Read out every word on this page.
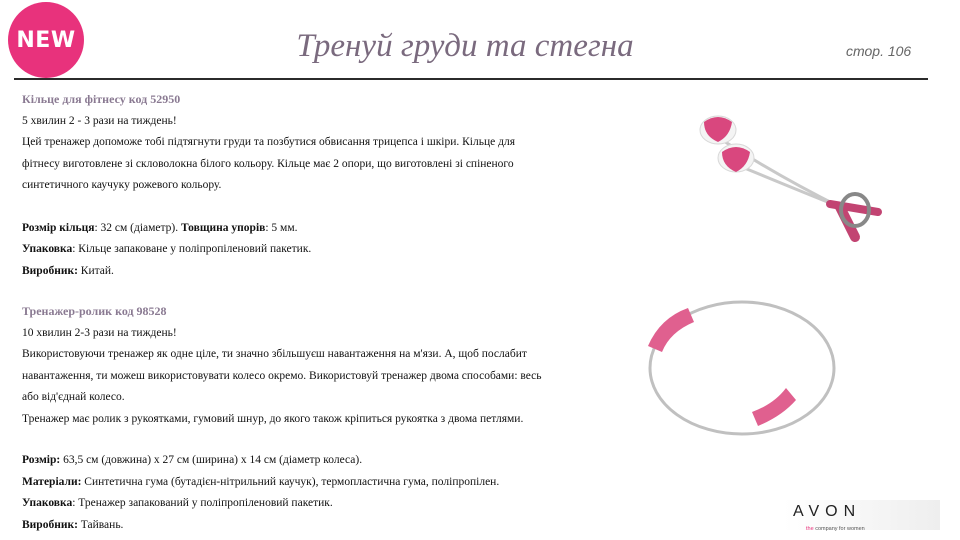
NEW	Тренуй груди та стегна	стор. 106
Кільце для фітнесу код 52950
5 хвилин 2 - 3 рази на тиждень!
Цей тренажер допоможе тобі підтягнути груди та позбутися обвисання трицепса і шкіри. Кільце для
фітнесу виготовлене зі скловолокна білого кольору. Кільце має 2 опори, що виготовлені зі спіненого
синтетичного каучуку рожевого кольору.
Розмір кільця: 32 см (діаметр). Товщина упорів: 5 мм.
Упаковка: Кільце запаковане у поліпропіленовий пакетик.
Виробник: Китай.
Тренажер-ролик код 98528
10 хвилин 2-3 рази на тиждень!
Використовуючи тренажер як одне ціле, ти значно збільшуєш навантаження на м'язи. А, щоб послабит
навантаження, ти можеш використовувати колесо окремо. Використовуй тренажер двома способами: весь
або від'єднай колесо.
Тренажер має ролик з рукоятками, гумовий шнур, до якого також кріпиться рукоятка з двома петлями.
Розмір: 63,5 см (довжина) x 27 см (ширина) x 14 см (діаметр колеса).
Матеріали: Синтетична гума (бутадієн-нітрильний каучук), термопластична гума, поліпропілен.
Упаковка: Тренажер запакований у поліпропіленовий пакетик.
Виробник: Тайвань.
AVON
the company for women
